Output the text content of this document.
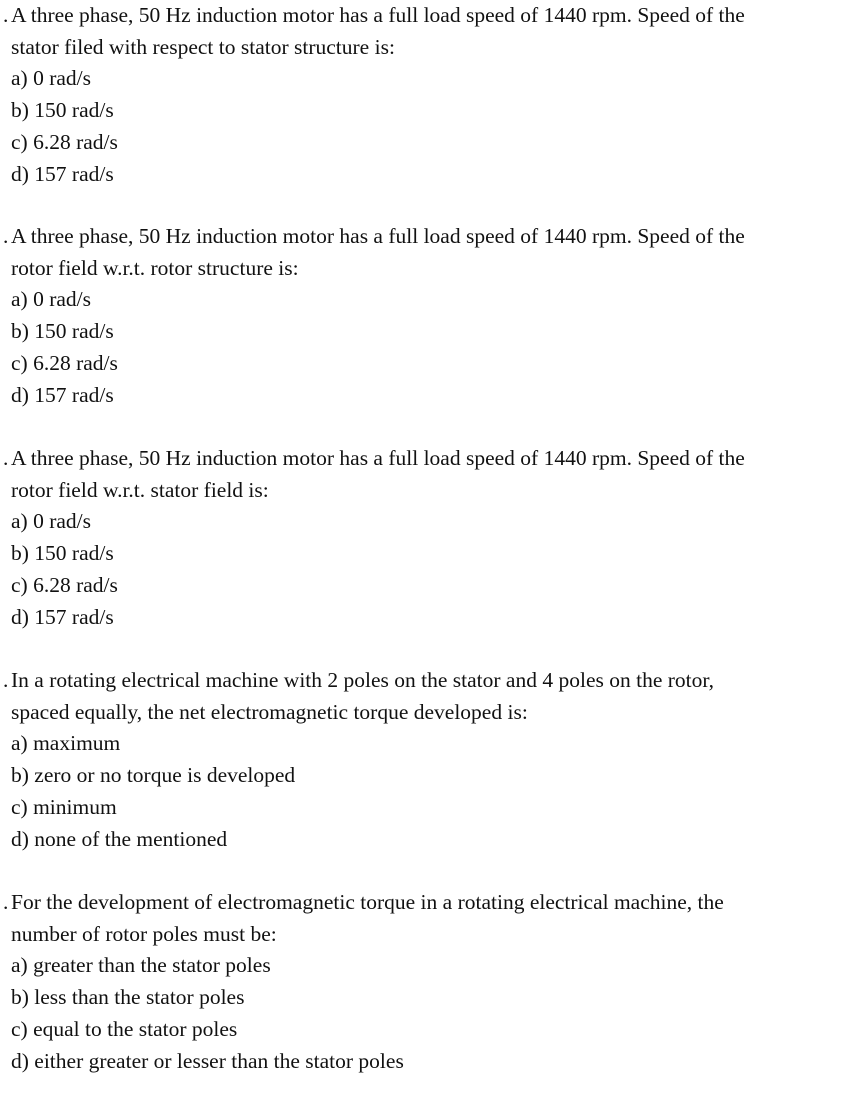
. A three phase, 50 Hz induction motor has a full load speed of 1440 rpm. Speed of the
stator filed with respect to stator structure is:
a) 0 rad/s
b) 150 rad/s
c) 6.28 rad/s
d) 157 rad/s
. A three phase, 50 Hz induction motor has a full load speed of 1440 rpm. Speed of the
rotor field w.r.t. rotor structure is:
a) 0 rad/s
b) 150 rad/s
c) 6.28 rad/s
d) 157 rad/s
. A three phase, 50 Hz induction motor has a full load speed of 1440 rpm. Speed of the
rotor field w.r.t. stator field is:
a) 0 rad/s
b) 150 rad/s
c) 6.28 rad/s
d) 157 rad/s
. In a rotating electrical machine with 2 poles on the stator and 4 poles on the rotor,
spaced equally, the net electromagnetic torque developed is:
a) maximum
b) zero or no torque is developed
c) minimum
d) none of the mentioned
. For the development of electromagnetic torque in a rotating electrical machine, the
number of rotor poles must be:
a) greater than the stator poles
b) less than the stator poles
c) equal to the stator poles
d) either greater or lesser than the stator poles
